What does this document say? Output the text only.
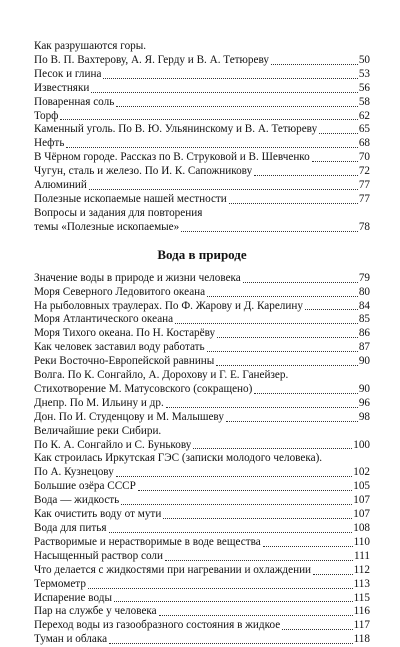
Как разрушаются горы.
По В. П. Вахтерову, А. Я. Герду и В. А. Тетюреву	50
Песок и глина	53
Известняки	56
Поваренная соль	58
Торф	62
Каменный уголь. По В. Ю. Ульянинскому и В. А. Тетюреву	65
Нефть	68
В Чёрном городе. Рассказ по В. Струковой и В. Шевченко	70
Чугун, сталь и железо. По И. К. Сапожникову	72
Алюминий	77
Полезные ископаемые нашей местности	77
Вопросы и задания для повторения
темы «Полезные ископаемые»	78
Вода в природе
Значение воды в природе и жизни человека	79
Моря Северного Ледовитого океана	80
На рыболовных траулерах. По Ф. Жарову и Д. Карелину	84
Моря Атлантического океана	85
Моря Тихого океана. По Н. Костарёву	86
Как человек заставил воду работать	87
Реки Восточно-Европейской равнины	90
Волга. По К. Сонгайло, А. Дорохову и Г. Е. Ганейзер.
Стихотворение М. Матусовского (сокращено)	90
Днепр. По М. Ильину и др.	96
Дон. По И. Студенцову и М. Малышеву	98
Величайшие реки Сибири.
По К. А. Сонгайло и С. Бунькову	100
Как строилась Иркутская ГЭС (записки молодого человека).
По А. Кузнецову	102
Большие озёра СССР	105
Вода — жидкость	107
Как очистить воду от мути	107
Вода для питья	108
Растворимые и нерастворимые в воде вещества	110
Насыщенный раствор соли	111
Что делается с жидкостями при нагревании и охлаждении	112
Термометр	113
Испарение воды	115
Пар на службе у человека	116
Переход воды из газообразного состояния в жидкое	117
Туман и облака	118
